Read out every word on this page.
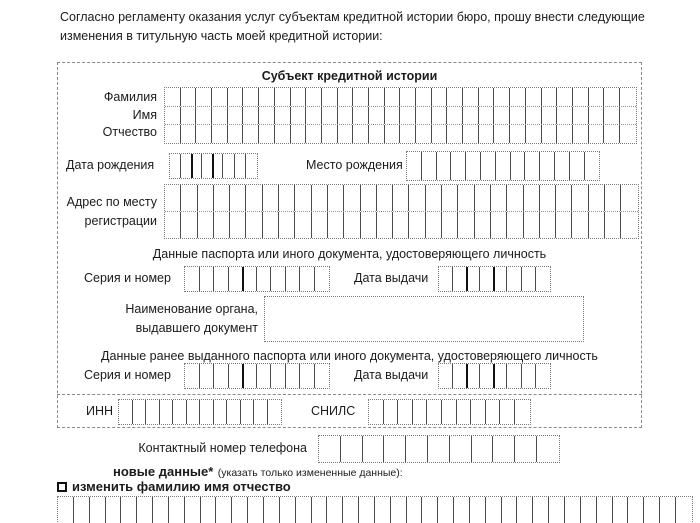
Согласно регламенту оказания услуг субъектам кредитной истории бюро, прошу внести следующие изменения в титульную часть моей кредитной истории:
Субъект кредитной истории
Фамилия
Имя
Отчество
Дата рождения	Место рождения
Адрес по месту
регистрации
Данные паспорта или иного документа, удостоверяющего личность
Серия и номер	Дата выдачи
Наименование органа,
выдавшего документ
Данные ранее выданного паспорта или иного документа, удостоверяющего личность
Серия и номер	Дата выдачи
ИНН	СНИЛС
Контактный номер телефона
новые данные* (указать только измененные данные):
изменить фамилию имя отчество
